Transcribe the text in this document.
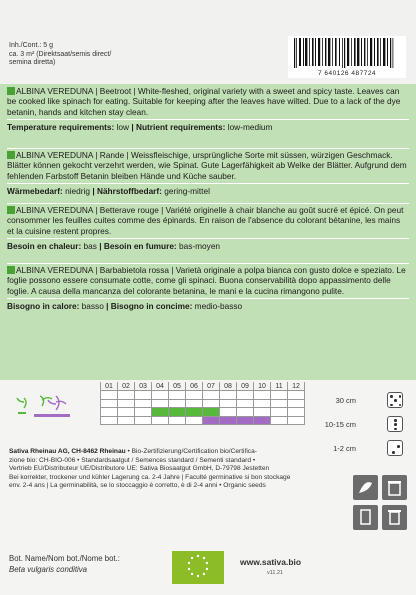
Inh./Cont.: 5 g
ca. 3 m² (Direktsaat/semis direct/
semina diretta)
7 640126 487724
ALBINA VEREDUNA | Beetroot | White-fleshed, original variety with a sweet and spicy taste. Leaves can be cooked like spinach for eating. Suitable for keeping after the leaves have wilted. Due to a lack of the dye betanin, hands and kitchen stay clean.
Temperature requirements: low | Nutrient requirements: low-medium
ALBINA VEREDUNA | Rande | Weissfleischige, ursprüngliche Sorte mit süssen, würzigen Geschmack. Blätter können gekocht verzehrt werden, wie Spinat. Gute Lagerfähigkeit ab Welke der Blätter. Aufgrund dem fehlenden Farbstoff Betanin bleiben Hände und Küche sauber.
Wärmebedarf: niedrig | Nährstoffbedarf: gering-mittel
ALBINA VEREDUNA | Betterave rouge | Variété originelle à chair blanche au goût sucré et épicé. On peut consommer les feuilles cuites comme des épinards. En raison de l'absence du colorant bétanine, les mains et la cuisine restent propres.
Besoin en chaleur: bas | Besoin en fumure: bas-moyen
ALBINA VEREDUNA | Barbabietola rossa | Varietà originale a polpa bianca con gusto dolce e speziato. Le foglie possono essere consumate cotte, come gli spinaci. Buona conservabilità dopo appassimento delle foglie. A causa della mancanza del colorante betanina, le mani e la cucina rimangono pulite.
Bisogno in calore: basso | Bisogno in concime: medio-basso
01	02	03	04	05	06	07	08	09	10	11	12

30 cm
10-15 cm
1-2 cm
Sativa Rheinau AG, CH-8462 Rheinau • Bio-Zertifizierung/Certification bio/Certifica-
zione bio: CH-BIO-006 • Standardsaatgut / Semences standard / Sementi standard •
Vertrieb EU/Distributeur UE/Distributore UE: Sativa Biosaatgut GmbH, D-79798 Jestetten
Bei korrekter, trockener und kühler Lagerung ca. 2-4 Jahre | Faculté germinative si bon stockage
env. 2-4 ans | La germinabilità, se lo stoccaggio è corretto, è di 2-4 anni • Organic seeds
Bot. Name/Nom bot./Nome bot.:
Beta vulgaris conditiva
www.sativa.bio
v11.21
